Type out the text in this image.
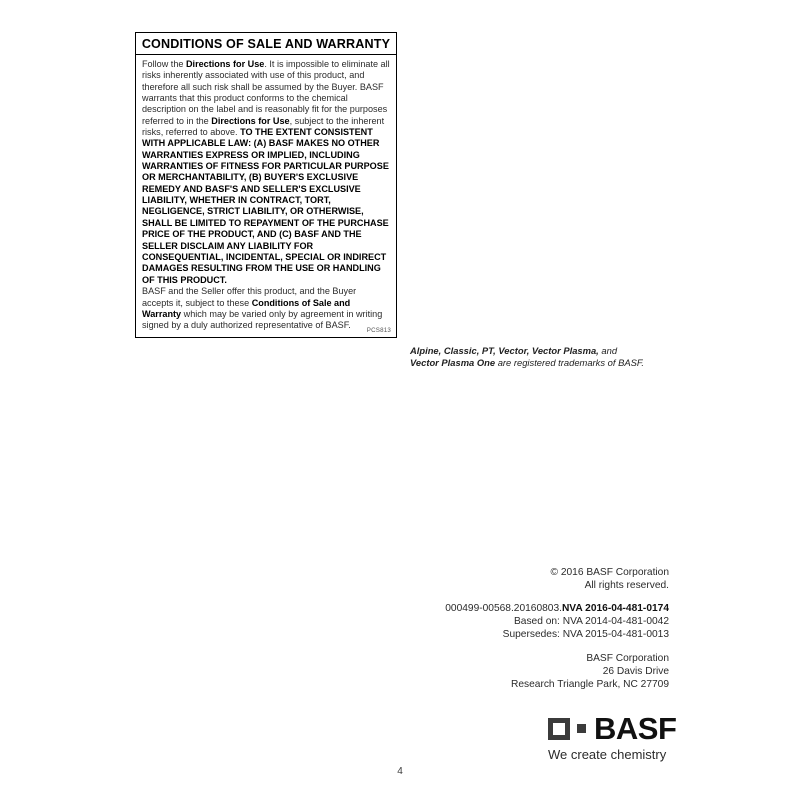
CONDITIONS OF SALE AND WARRANTY

Follow the Directions for Use. It is impossible to eliminate all risks inherently associated with use of this product, and therefore all such risk shall be assumed by the Buyer. BASF warrants that this product conforms to the chemical description on the label and is reasonably fit for the purposes referred to in the Directions for Use, subject to the inherent risks, referred to above. TO THE EXTENT CONSISTENT WITH APPLICABLE LAW: (A) BASF MAKES NO OTHER WARRANTIES EXPRESS OR IMPLIED, INCLUDING WARRANTIES OF FITNESS FOR PARTICULAR PURPOSE OR MERCHANTABILITY, (B) BUYER'S EXCLUSIVE REMEDY AND BASF'S AND SELLER'S EXCLUSIVE LIABILITY, WHETHER IN CONTRACT, TORT, NEGLIGENCE, STRICT LIABILITY, OR OTHERWISE, SHALL BE LIMITED TO REPAYMENT OF THE PURCHASE PRICE OF THE PRODUCT, AND (C) BASF AND THE SELLER DISCLAIM ANY LIABILITY FOR CONSEQUENTIAL, INCIDENTAL, SPECIAL OR INDIRECT DAMAGES RESULTING FROM THE USE OR HANDLING OF THIS PRODUCT.

BASF and the Seller offer this product, and the Buyer accepts it, subject to these Conditions of Sale and Warranty which may be varied only by agreement in writing signed by a duly authorized representative of BASF.	PCS813
Alpine, Classic, PT, Vector, Vector Plasma, and
Vector Plasma One are registered trademarks of BASF.
© 2016 BASF Corporation
All rights reserved.
000499-00568.20160803.NVA 2016-04-481-0174
Based on: NVA 2014-04-481-0042
Supersedes: NVA 2015-04-481-0013
BASF Corporation
26 Davis Drive
Research Triangle Park, NC 27709
BASF
We create chemistry
4
